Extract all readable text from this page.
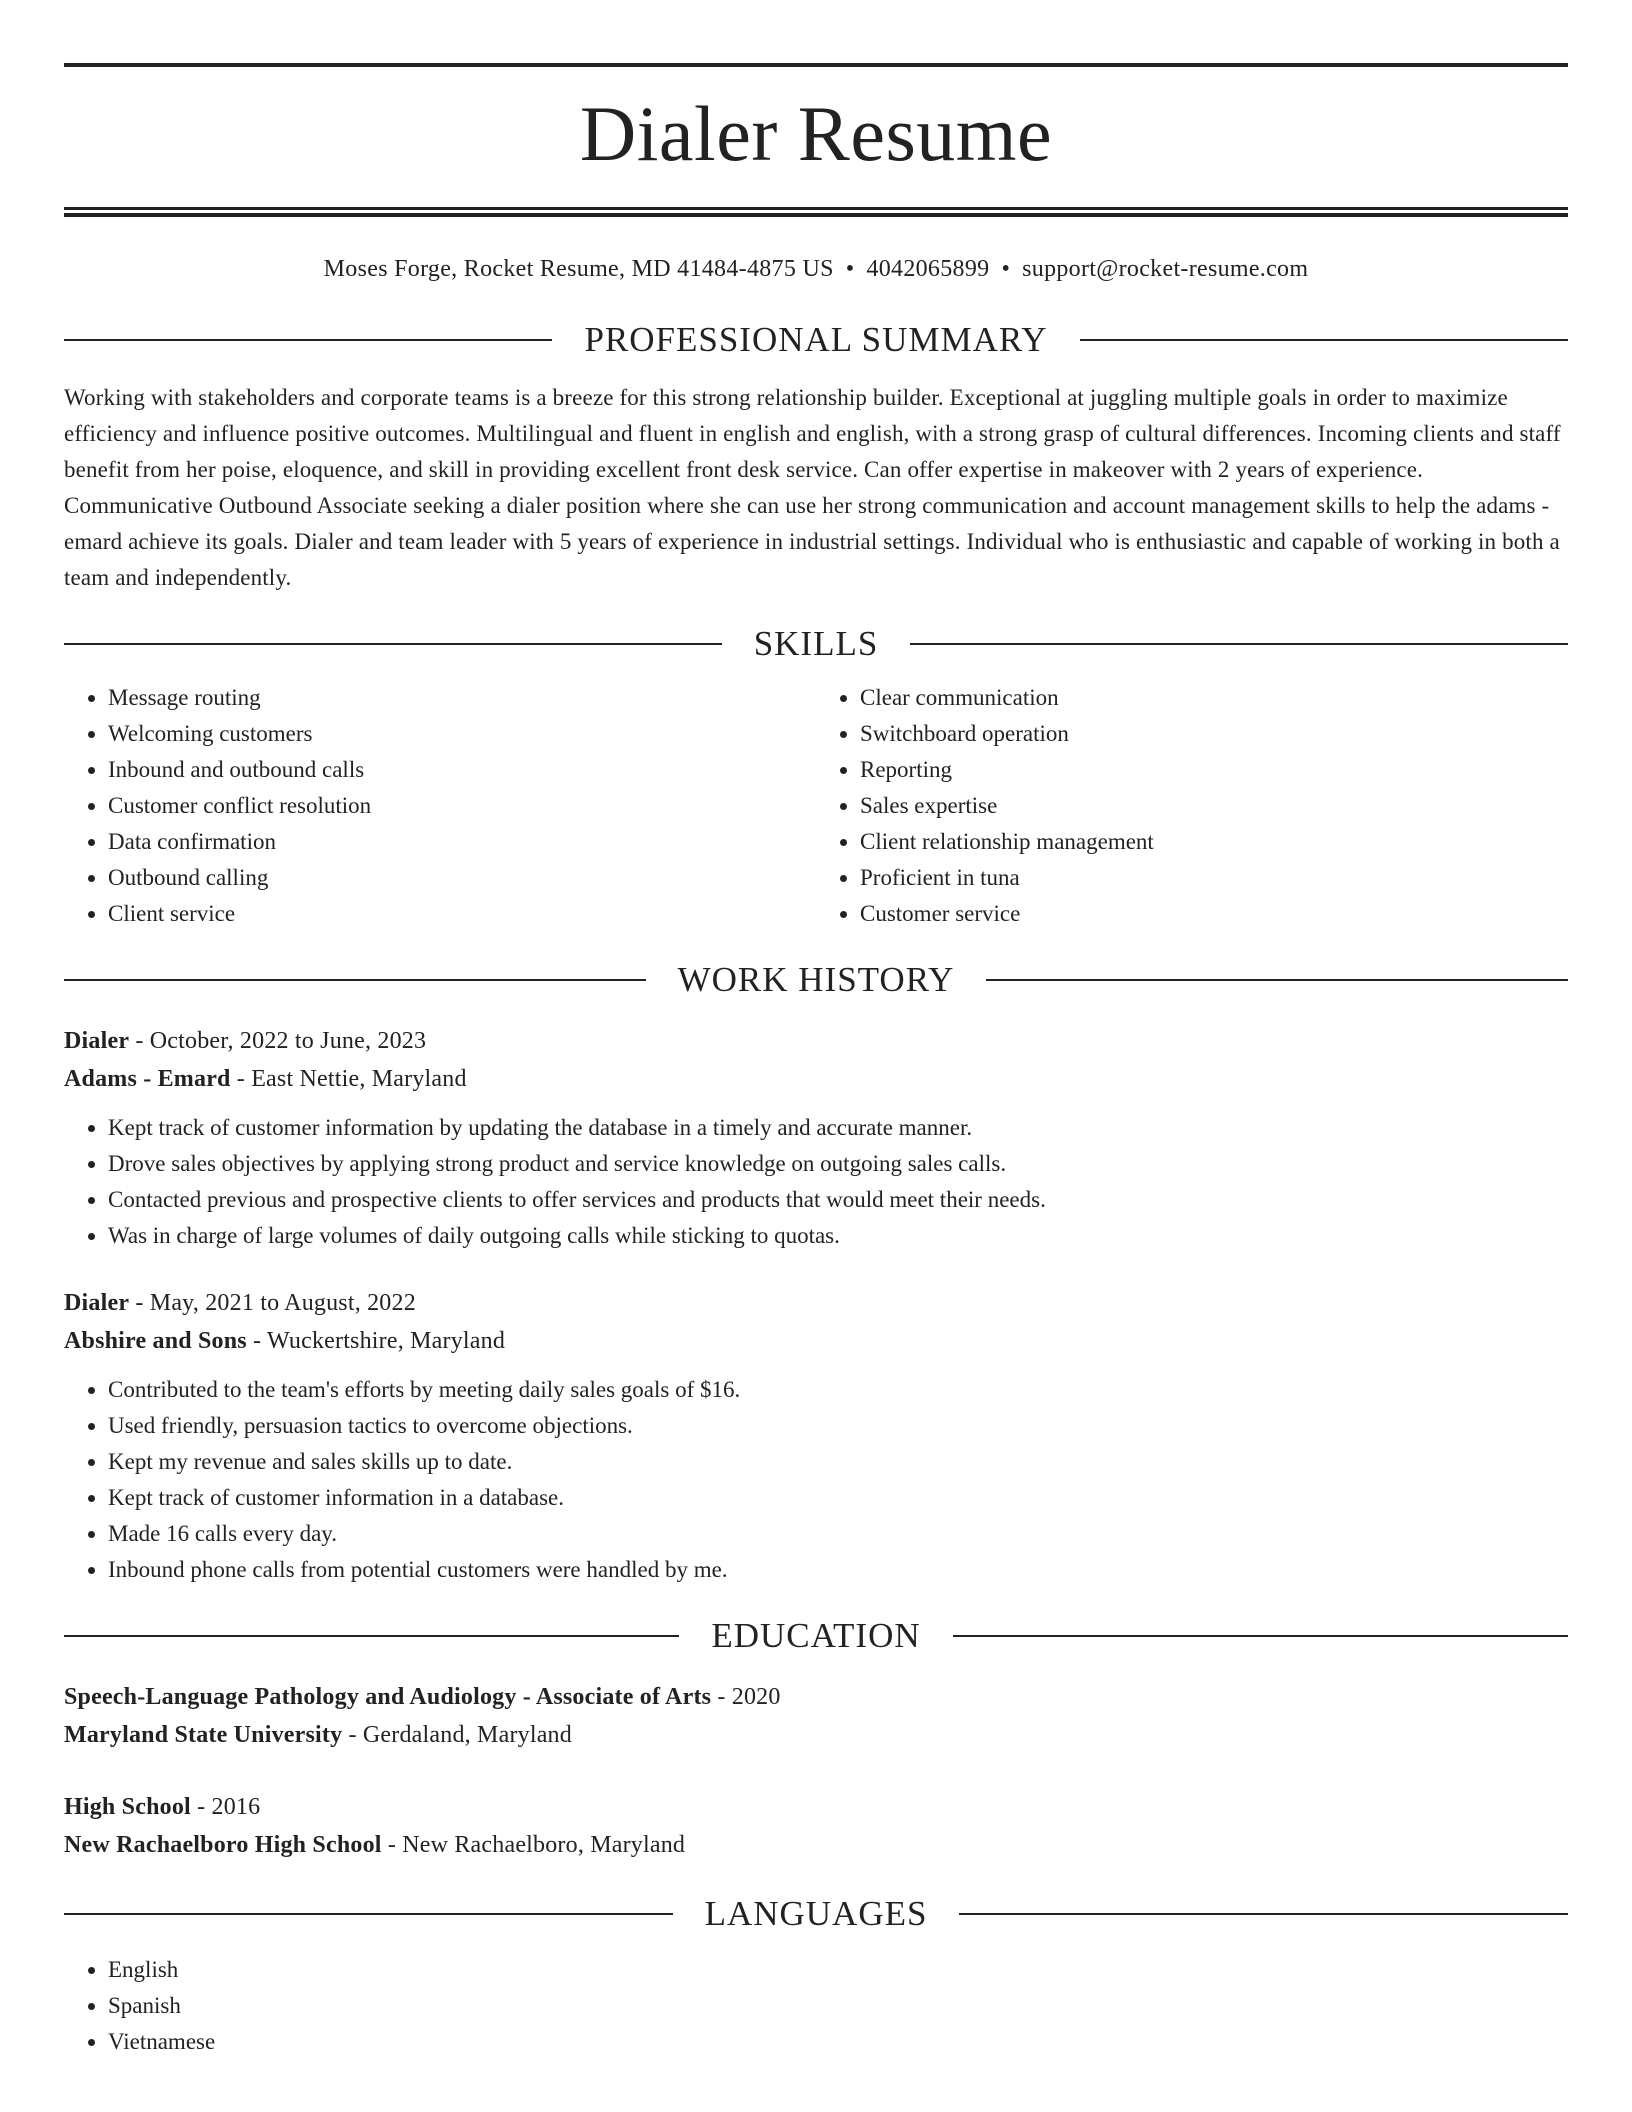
Dialer Resume
Moses Forge, Rocket Resume, MD 41484-4875 US • 4042065899 • support@rocket-resume.com
PROFESSIONAL SUMMARY

Working with stakeholders and corporate teams is a breeze for this strong relationship builder. Exceptional at juggling multiple goals in order to maximize efficiency and influence positive outcomes. Multilingual and fluent in english and english, with a strong grasp of cultural differences. Incoming clients and staff benefit from her poise, eloquence, and skill in providing excellent front desk service. Can offer expertise in makeover with 2 years of experience. Communicative Outbound Associate seeking a dialer position where she can use her strong communication and account management skills to help the adams - emard achieve its goals. Dialer and team leader with 5 years of experience in industrial settings. Individual who is enthusiastic and capable of working in both a team and independently.

SKILLS
• Message routing
• Welcoming customers
• Inbound and outbound calls
• Customer conflict resolution
• Data confirmation
• Outbound calling
• Client service
• Clear communication
• Switchboard operation
• Reporting
• Sales expertise
• Client relationship management
• Proficient in tuna
• Customer service
WORK HISTORY
Dialer - October, 2022 to June, 2023
Adams - Emard - East Nettie, Maryland
• Kept track of customer information by updating the database in a timely and accurate manner.
• Drove sales objectives by applying strong product and service knowledge on outgoing sales calls.
• Contacted previous and prospective clients to offer services and products that would meet their needs.
• Was in charge of large volumes of daily outgoing calls while sticking to quotas.
Dialer - May, 2021 to August, 2022
Abshire and Sons - Wuckertshire, Maryland
• Contributed to the team's efforts by meeting daily sales goals of $16.
• Used friendly, persuasion tactics to overcome objections.
• Kept my revenue and sales skills up to date.
• Kept track of customer information in a database.
• Made 16 calls every day.
• Inbound phone calls from potential customers were handled by me.
EDUCATION
Speech-Language Pathology and Audiology - Associate of Arts - 2020
Maryland State University - Gerdaland, Maryland
High School - 2016
New Rachaelboro High School - New Rachaelboro, Maryland
LANGUAGES
• English
• Spanish
• Vietnamese
